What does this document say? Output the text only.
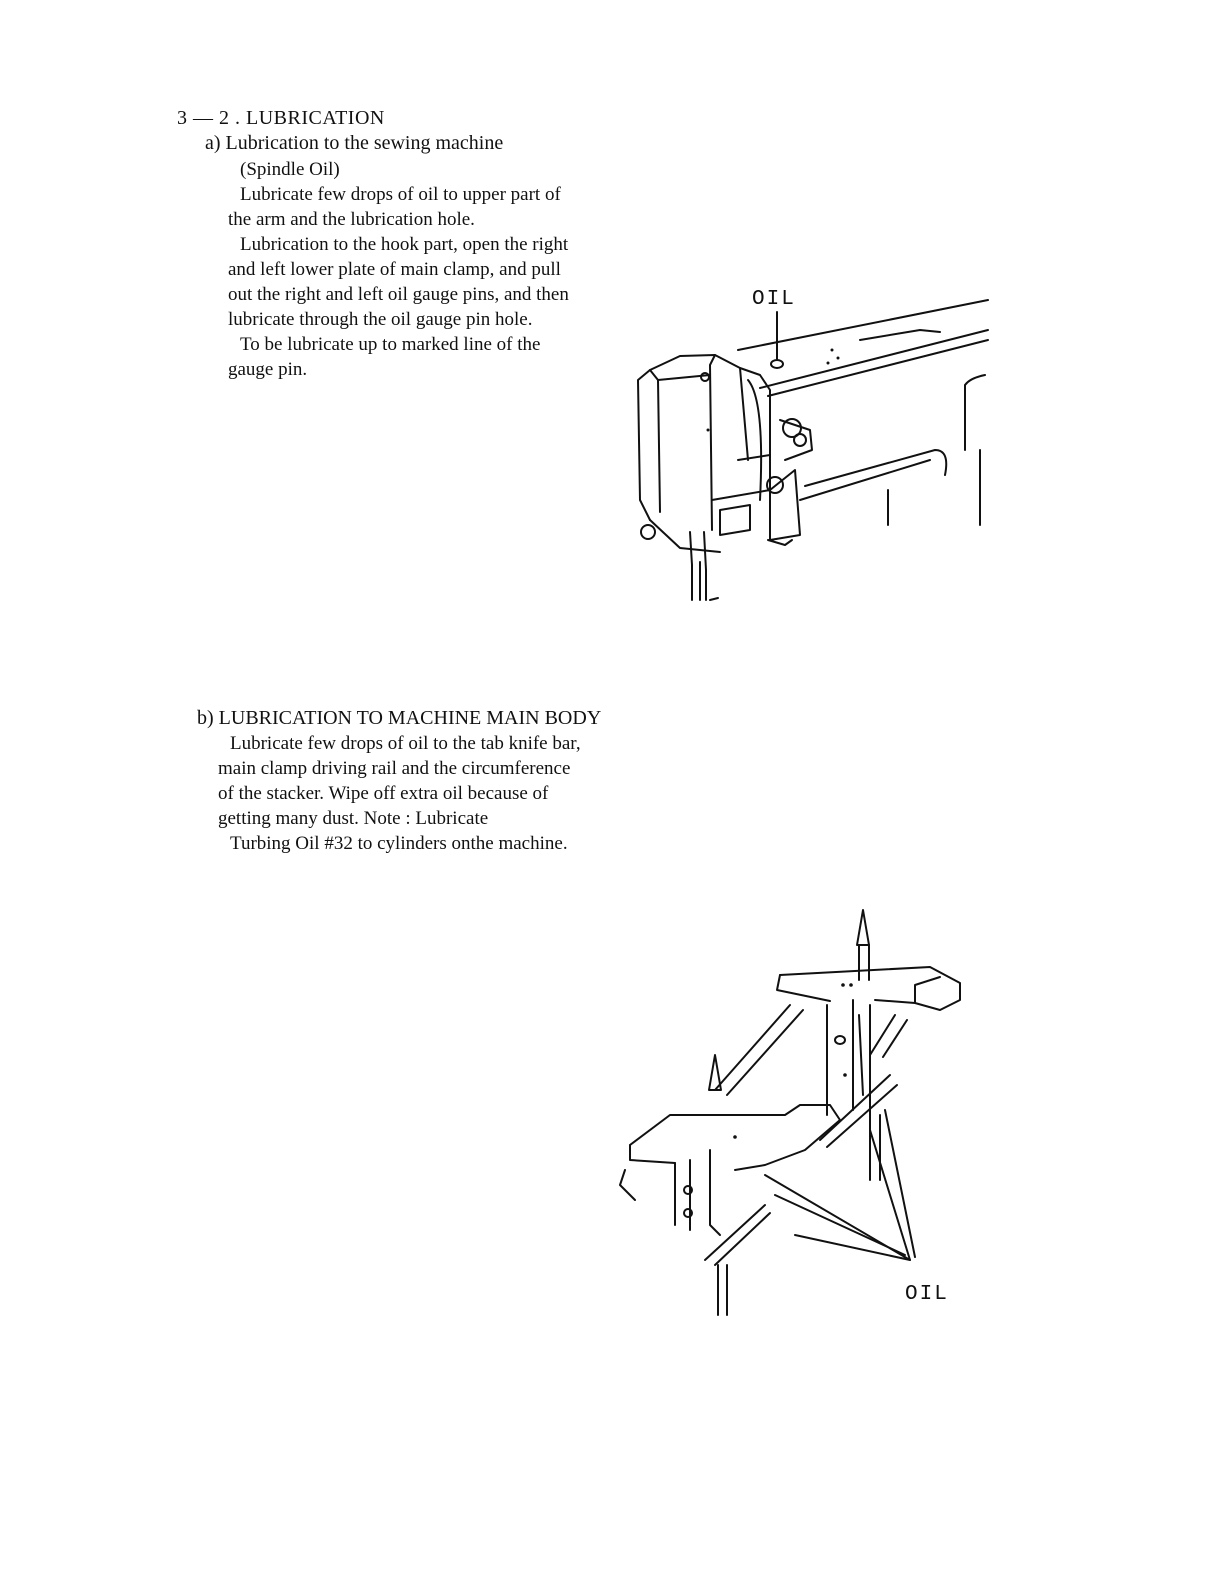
3 — 2 . LUBRICATION
a) Lubrication to the sewing machine
(Spindle Oil)
Lubricate few drops of oil to upper part of
the arm and the lubrication hole.
Lubrication to the hook part, open the right
and left lower plate of main clamp, and pull
out the right and left oil gauge pins, and then
lubricate through the oil gauge pin hole.
To be lubricate up to marked line of the
gauge pin.
OIL
b) LUBRICATION TO MACHINE MAIN BODY
Lubricate few drops of oil to the tab knife bar,
main clamp driving rail and the circumference
of the stacker. Wipe off extra oil because of
getting many dust. Note : Lubricate
Turbing Oil #32 to cylinders onthe machine.
OIL
